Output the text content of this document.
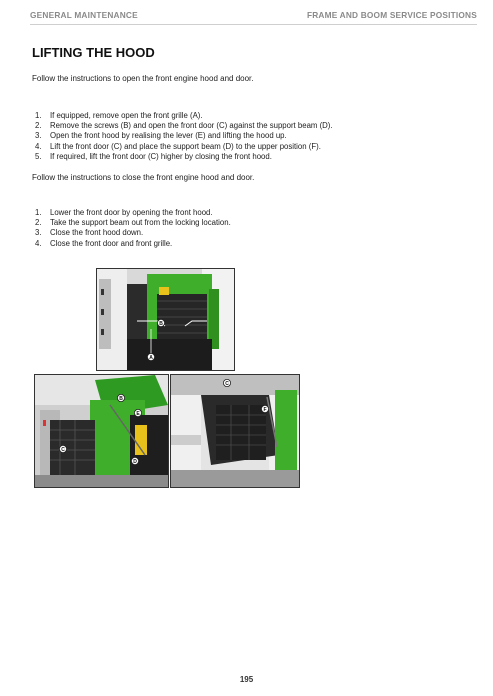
GENERAL MAINTENANCE	FRAME AND BOOM SERVICE POSITIONS
LIFTING THE HOOD

Follow the instructions to open the front engine hood and door.

1. If equipped, remove open the front grille (A).
2. Remove the screws (B) and open the front door (C) against the support beam (D).
3. Open the front hood by realising the lever (E) and lifting the hood up.
4. Lift the front door (C) and place the support beam (D) to the upper position (F).
5. If required, lift the front door (C) higher by closing the front hood.

Follow the instructions to close the front engine hood and door.

1. Lower the front door by opening the front hood.
2. Take the support beam out from the locking location.
3. Close the front hood down.
4. Close the front door and front grille.
B
A
B
E
C
D
C
F
195
